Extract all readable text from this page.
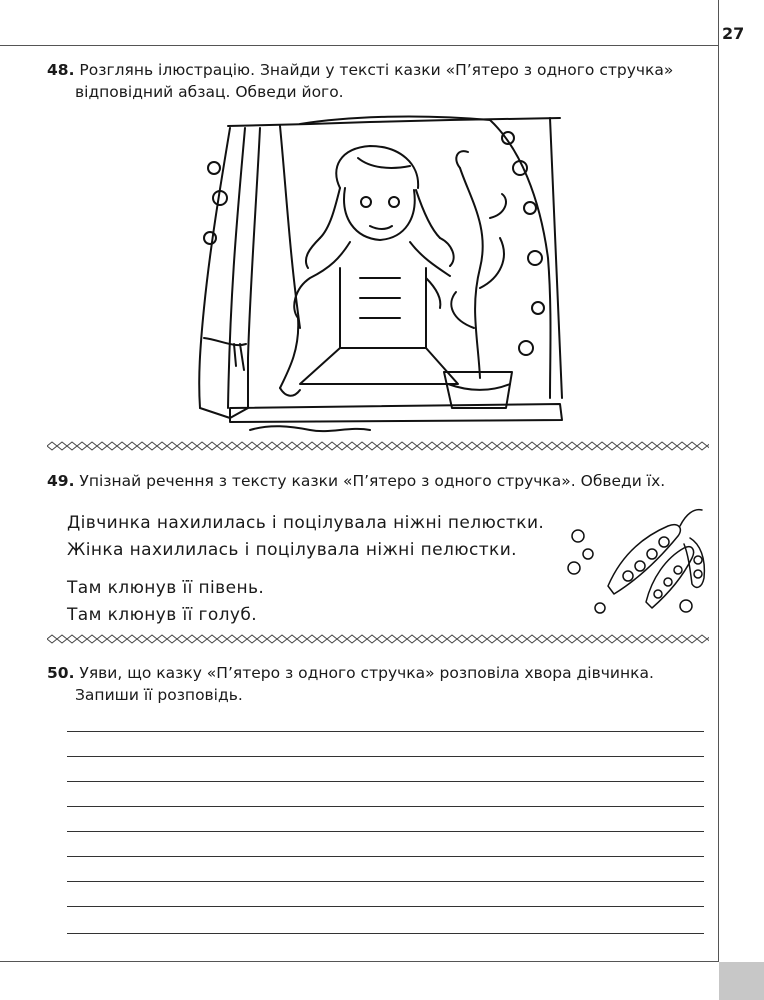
27
48. Розглянь ілюстрацію. Знайди у тексті казки «П’ятеро з одного стручка»
відповідний абзац. Обведи його.
49. Упізнай речення з тексту казки «П’ятеро з одного стручка». Обведи їх.
Дівчинка нахилилась і поцілувала ніжні пелюстки.
Жінка нахилилась і поцілувала ніжні пелюстки.
Там клюнув її півень.
Там клюнув її голуб.
50. Уяви, що казку «П’ятеро з одного стручка» розповіла хвора дівчинка.
Запиши її розповідь.
